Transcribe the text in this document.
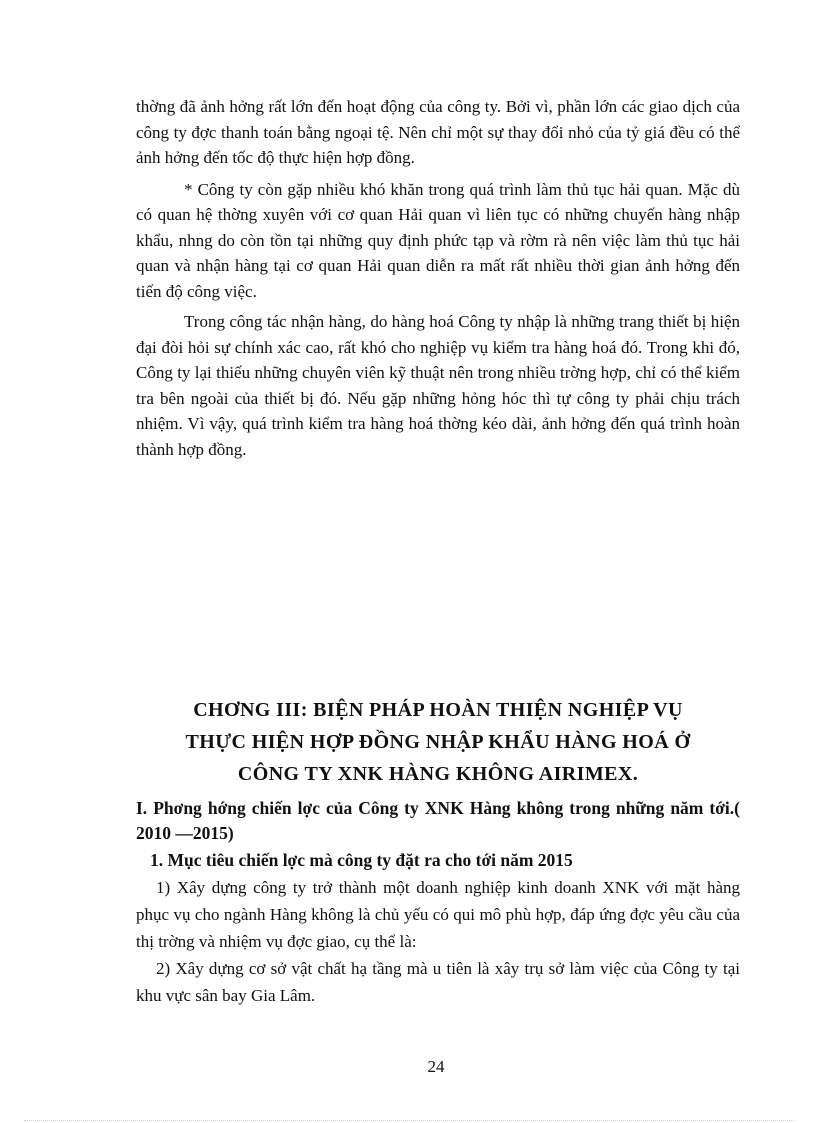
thờng đã ảnh hởng rất lớn đến hoạt động của công ty. Bởi vì, phần lớn các giao dịch của công ty đợc thanh toán bằng ngoại tệ. Nên chỉ một sự thay đổi nhỏ của tỷ giá đều có thể ảnh hởng đến tốc độ thực hiện hợp đồng.

* Công ty còn gặp nhiều khó khăn trong quá trình làm thủ tục hải quan. Mặc dù có quan hệ thờng xuyên với cơ quan Hải quan vì liên tục có những chuyến hàng nhập khẩu, nhng do còn tồn tại những quy định phức tạp và rờm rà nên việc làm thủ tục hải quan và nhận hàng tại cơ quan Hải quan diễn ra mất rất nhiều thời gian ảnh hởng đến tiến độ công việc.

Trong công tác nhận hàng, do hàng hoá Công ty nhập là những trang thiết bị hiện đại đòi hỏi sự chính xác cao, rất khó cho nghiệp vụ kiểm tra hàng hoá đó. Trong khi đó, Công ty lại thiếu những chuyên viên kỹ thuật nên trong nhiều trờng hợp, chỉ có thể kiểm tra bên ngoài của thiết bị đó. Nếu gặp những hỏng hóc thì tự công ty phải chịu trách nhiệm. Vì vậy, quá trình kiểm tra hàng hoá thờng kéo dài, ảnh hởng đến quá trình hoàn thành hợp đồng.

CHƠNG III: BIỆN PHÁP HOÀN THIỆN NGHIỆP VỤ
THỰC HIỆN HỢP ĐỒNG NHẬP KHẨU HÀNG HOÁ Ở
CÔNG TY XNK HÀNG KHÔNG AIRIMEX.
I. Phơng hớng chiến lợc của Công ty XNK Hàng không trong những năm tới.( 2010 —2015)
1. Mục tiêu chiến lợc mà công ty đặt ra cho tới năm 2015

1) Xây dựng công ty trở thành một doanh nghiệp kinh doanh XNK với mặt hàng phục vụ cho ngành Hàng không là chủ yếu có qui mô phù hợp, đáp ứng đợc yêu cầu của thị trờng và nhiệm vụ đợc giao, cụ thể là:

2) Xây dựng cơ sở vật chất hạ tầng mà u tiên là xây trụ sở làm việc của Công ty tại khu vực sân bay Gia Lâm.

24
